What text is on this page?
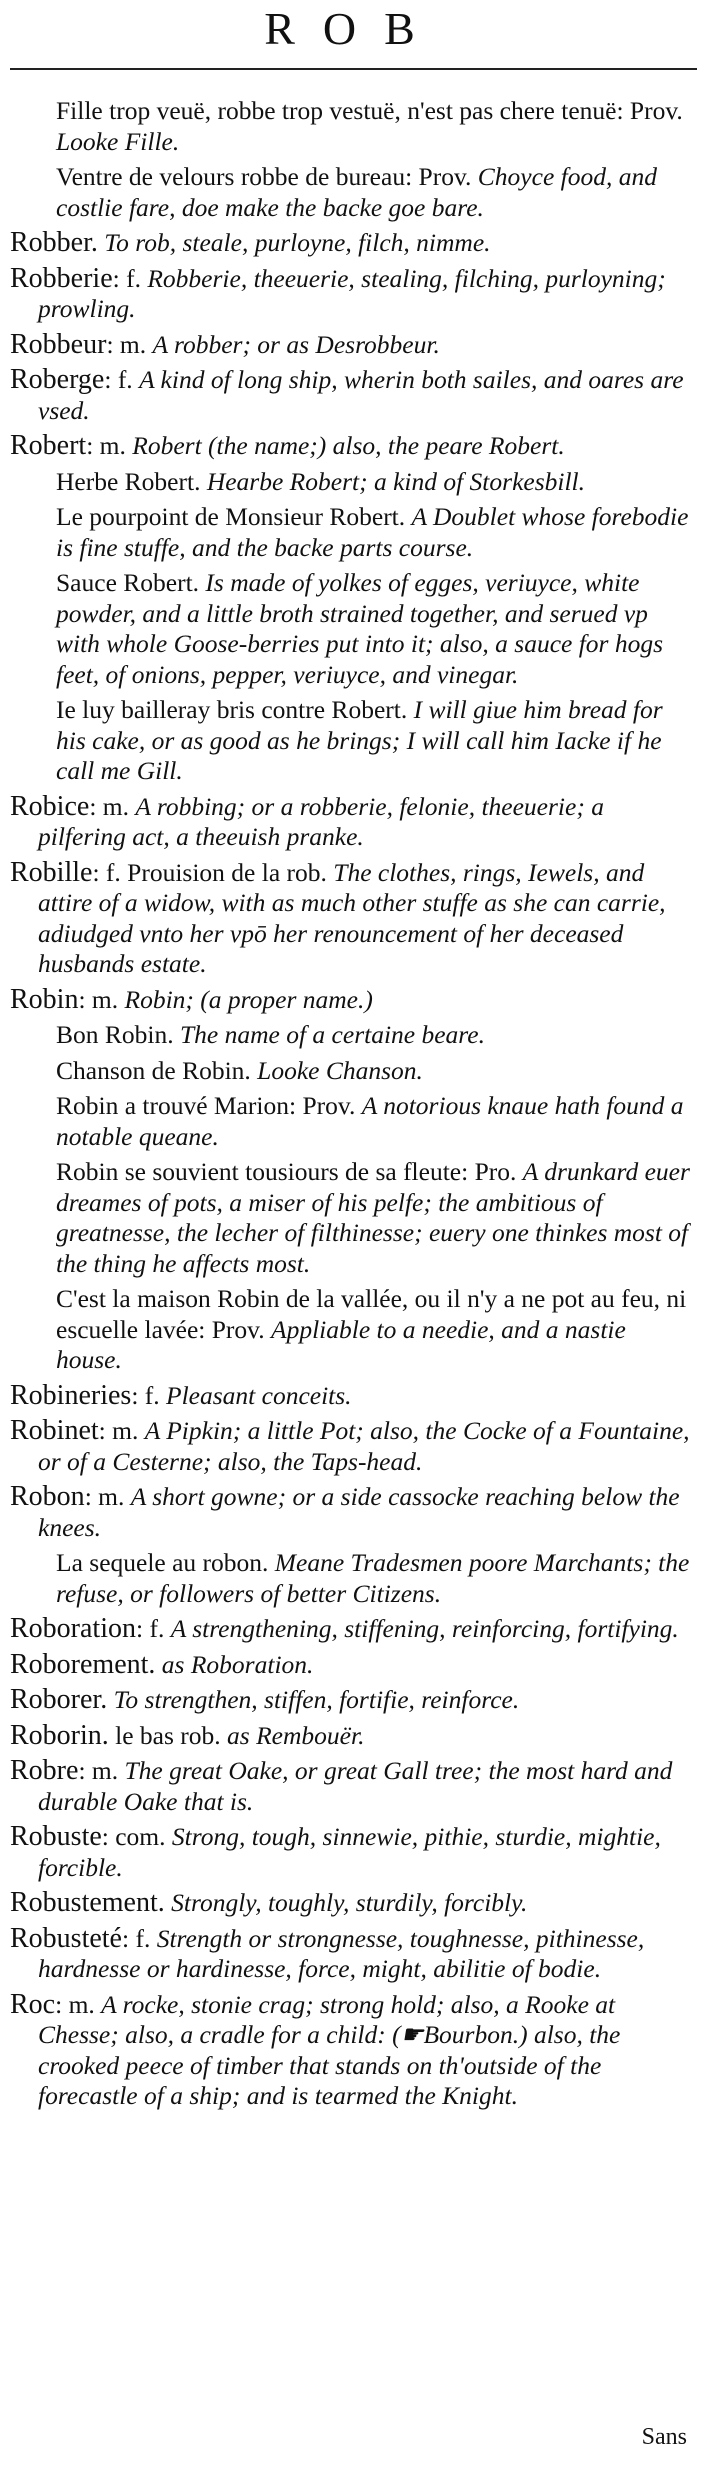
ROB

Fille trop veuë, robbe trop vestuë, n'est pas chere tenuë: Prov. Looke Fille.

Ventre de velours robbe de bureau: Prov. Choyce food, and costlie fare, doe make the backe goe bare.

Robber. To rob, steale, purloyne, filch, nimme.

Robberie: f. Robberie, theeuerie, stealing, filching, purloyning; prowling.

Robbeur: m. A robber; or as Desrobbeur.

Roberge: f. A kind of long ship, wherin both sailes, and oares are vsed.

Robert: m. Robert (the name;) also, the peare Robert.

Herbe Robert. Hearbe Robert; a kind of Storkesbill.

Le pourpoint de Monsieur Robert. A Doublet whose forebodie is fine stuffe, and the backe parts course.

Sauce Robert. Is made of yolkes of egges, veriuyce, white powder, and a little broth strained together, and serued vp with whole Goose-berries put into it; also, a sauce for hogs feet, of onions, pepper, veriuyce, and vinegar.

Ie luy bailleray bris contre Robert. I will giue him bread for his cake, or as good as he brings; I will call him Iacke if he call me Gill.

Robice: m. A robbing; or a robberie, felonie, theeuerie; a pilfering act, a theeuish pranke.

Robille: f. Prouision de la rob. The clothes, rings, Iewels, and attire of a widow, with as much other stuffe as she can carrie, adiudged vnto her vpō her renouncement of her deceased husbands estate.

Robin: m. Robin; (a proper name.)

Bon Robin. The name of a certaine beare.

Chanson de Robin. Looke Chanson.

Robin a trouvé Marion: Prov. A notorious knaue hath found a notable queane.

Robin se souvient tousiours de sa fleute: Pro. A drunkard euer dreames of pots, a miser of his pelfe; the ambitious of greatnesse, the lecher of filthinesse; euery one thinkes most of the thing he affects most.

C'est la maison Robin de la vallée, ou il n'y a ne pot au feu, ni escuelle lavée: Prov. Appliable to a needie, and a nastie house.

Robineries: f. Pleasant conceits.

Robinet: m. A Pipkin; a little Pot; also, the Cocke of a Fountaine, or of a Cesterne; also, the Taps-head.

Robon: m. A short gowne; or a side cassocke reaching below the knees.

La sequele au robon. Meane Tradesmen poore Marchants; the refuse, or followers of better Citizens.

Roboration: f. A strengthening, stiffening, reinforcing, fortifying.

Roborement. as Roboration.

Roborer. To strengthen, stiffen, fortifie, reinforce.

Roborin. le bas rob. as Rembouër.

Robre: m. The great Oake, or great Gall tree; the most hard and durable Oake that is.

Robuste: com. Strong, tough, sinnewie, pithie, sturdie, mightie, forcible.

Robustement. Strongly, toughly, sturdily, forcibly.

Robusteté: f. Strength or strongnesse, toughnesse, pithinesse, hardnesse or hardinesse, force, might, abilitie of bodie.

Roc: m. A rocke, stonie crag; strong hold; also, a Rooke at Chesse; also, a cradle for a child: (☛Bourbon.) also, the crooked peece of timber that stands on th'outside of the forecastle of a ship; and is tearmed the Knight.

Sans
